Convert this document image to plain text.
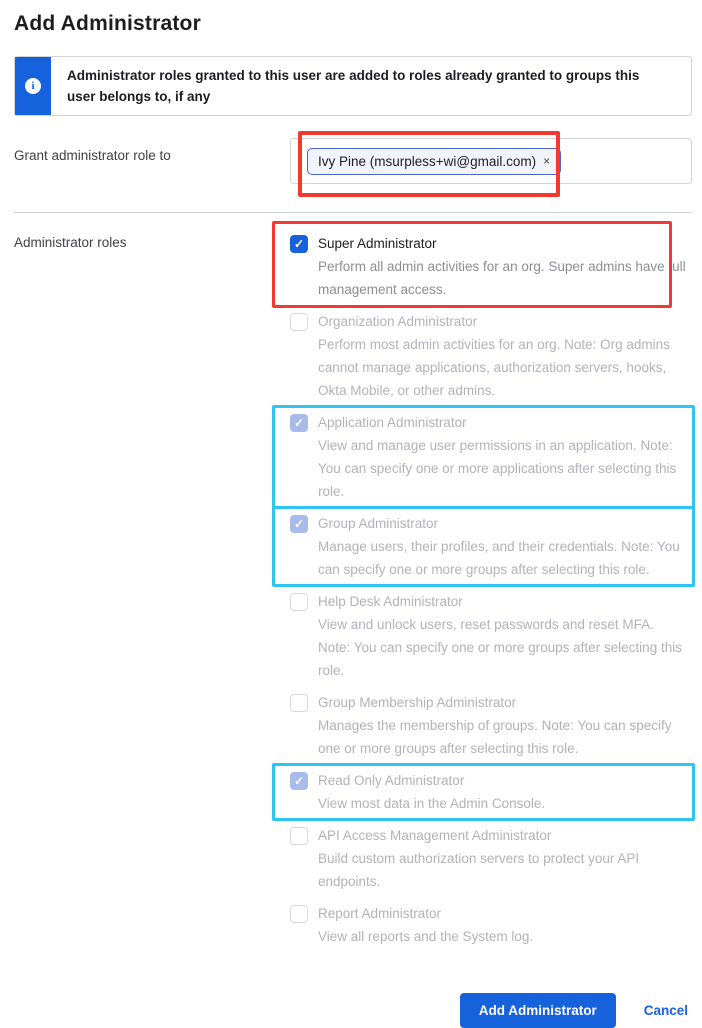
Add Administrator
i
Administrator roles granted to this user are added to roles already granted to groups this user belongs to, if any
Grant administrator role to	Ivy Pine (msurpless+wi@gmail.com) ×
Administrator roles	✓ Super Administrator
Perform all admin activities for an org. Super admins have full management access.
Organization Administrator
Perform most admin activities for an org. Note: Org admins cannot manage applications, authorization servers, hooks, Okta Mobile, or other admins.
✓ Application Administrator
View and manage user permissions in an application. Note: You can specify one or more applications after selecting this role.
✓ Group Administrator
Manage users, their profiles, and their credentials. Note: You can specify one or more groups after selecting this role.
Help Desk Administrator
View and unlock users, reset passwords and reset MFA. Note: You can specify one or more groups after selecting this role.
Group Membership Administrator
Manages the membership of groups. Note: You can specify one or more groups after selecting this role.
✓ Read Only Administrator
View most data in the Admin Console.
API Access Management Administrator
Build custom authorization servers to protect your API endpoints.
Report Administrator
View all reports and the System log.
Add Administrator	Cancel
